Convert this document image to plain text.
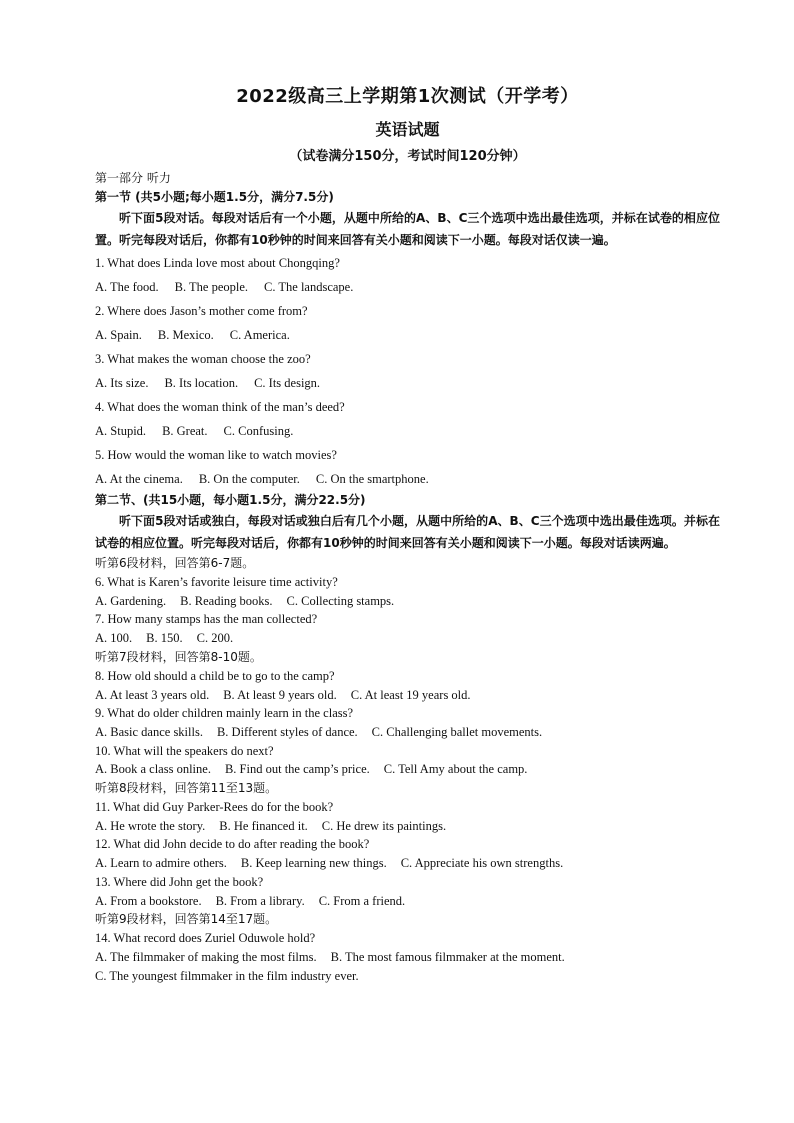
2022级高三上学期第1次测试（开学考）
英语试题
（试卷满分150分，考试时间120分钟）
第一部分 听力
第一节 (共5小题;每小题1.5分，满分7.5分)

听下面5段对话。每段对话后有一个小题，从题中所给的A、B、C三个选项中选出最佳选项，并标在试卷的相应位置。听完每段对话后，你都有10秒钟的时间来回答有关小题和阅读下一小题。每段对话仅读一遍。

1. What does Linda love most about Chongqing?
A. The food. B. The people. C. The landscape.
2. Where does Jason’s mother come from?
A. Spain. B. Mexico. C. America.
3. What makes the woman choose the zoo?
A. Its size. B. Its location. C. Its design.
4. What does the woman think of the man’s deed?
A. Stupid. B. Great. C. Confusing.
5. How would the woman like to watch movies?
A. At the cinema. B. On the computer. C. On the smartphone.
第二节、(共15小题，每小题1.5分，满分22.5分)

听下面5段对话或独白，每段对话或独白后有几个小题，从题中所给的A、B、C三个选项中选出最佳选项。并标在试卷的相应位置。听完每段对话后，你都有10秒钟的时间来回答有关小题和阅读下一小题。每段对话读两遍。

听第6段材料，回答第6-7题。
6. What is Karen’s favorite leisure time activity?
A. Gardening. B. Reading books. C. Collecting stamps.
7. How many stamps has the man collected?
A. 100. B. 150. C. 200.
听第7段材料，回答第8-10题。
8. How old should a child be to go to the camp?
A. At least 3 years old. B. At least 9 years old. C. At least 19 years old.
9. What do older children mainly learn in the class?
A. Basic dance skills. B. Different styles of dance. C. Challenging ballet movements.
10. What will the speakers do next?
A. Book a class online. B. Find out the camp’s price. C. Tell Amy about the camp.
听第8段材料，回答第11至13题。
11. What did Guy Parker-Rees do for the book?
A. He wrote the story. B. He financed it. C. He drew its paintings.
12. What did John decide to do after reading the book?
A. Learn to admire others. B. Keep learning new things. C. Appreciate his own strengths.
13. Where did John get the book?
A. From a bookstore. B. From a library. C. From a friend.
听第9段材料，回答第14至17题。
14. What record does Zuriel Oduwole hold?
A. The filmmaker of making the most films. B. The most famous filmmaker at the moment.
C. The youngest filmmaker in the film industry ever.
